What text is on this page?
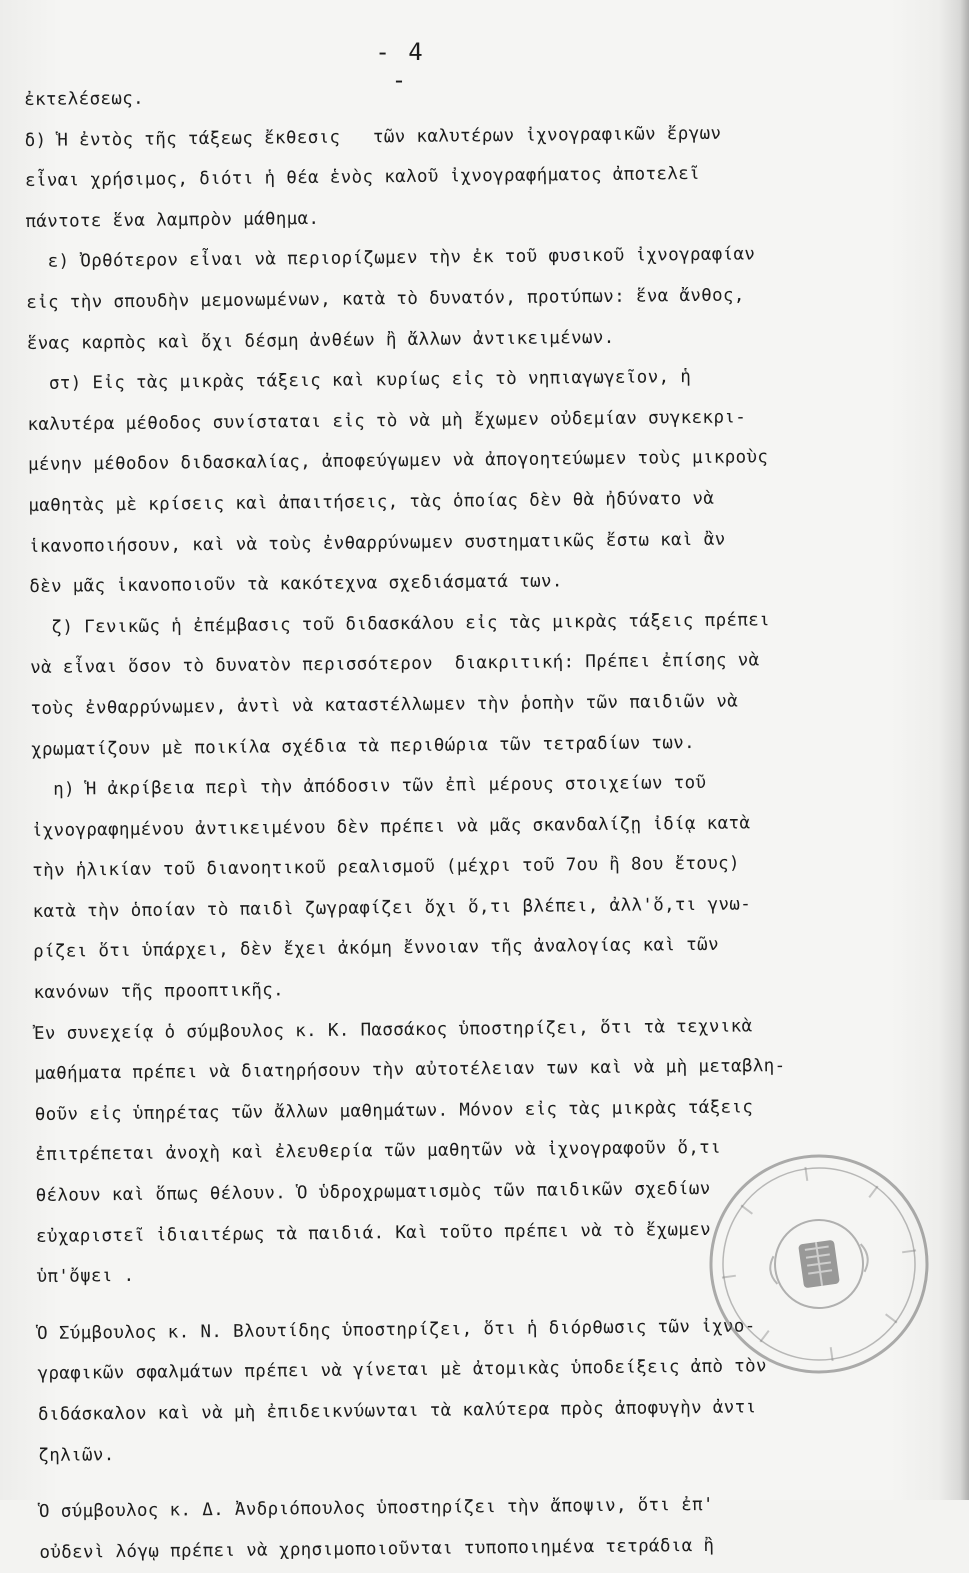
- 4 -
ἐκτελέσεως.
δ) Ἡ ἐντὸς τῆς τάξεως ἔκθεσις   τῶν καλυτέρων ἰχνογραφικῶν ἔργων
εἶναι χρήσιμος, διότι ἡ θέα ἑνὸς καλοῦ ἰχνογραφήματος ἀποτελεῖ
πάντοτε ἕνα λαμπρὸν μάθημα.
ε) Ὀρθότερον εἶναι νὰ περιορίζωμεν τὴν ἐκ τοῦ φυσικοῦ ἰχνογραφίαν
εἰς τὴν σπουδὴν μεμονωμένων, κατὰ τὸ δυνατόν, προτύπων: ἕνα ἄνθος,
ἕνας καρπὸς καὶ ὄχι δέσμη ἀνθέων ἢ ἄλλων ἀντικειμένων.
στ) Εἰς τὰς μικρὰς τάξεις καὶ κυρίως εἰς τὸ νηπιαγωγεῖον, ἡ
καλυτέρα μέθοδος συνίσταται εἰς τὸ νὰ μὴ ἔχωμεν οὐδεμίαν συγκεκρι-
μένην μέθοδον διδασκαλίας, ἀποφεύγωμεν νὰ ἀπογοητεύωμεν τοὺς μικροὺς
μαθητὰς μὲ κρίσεις καὶ ἀπαιτήσεις, τὰς ὁποίας δὲν θὰ ἠδύνατο νὰ
ἱκανοποιήσουν, καὶ νὰ τοὺς ἐνθαρρύνωμεν συστηματικῶς ἔστω καὶ ἂν
δὲν μᾶς ἱκανοποιοῦν τὰ κακότεχνα σχεδιάσματά των.
ζ) Γενικῶς ἡ ἐπέμβασις τοῦ διδασκάλου εἰς τὰς μικρὰς τάξεις πρέπει
νὰ εἶναι ὅσον τὸ δυνατὸν περισσότερον  διακριτική: Πρέπει ἐπίσης νὰ
τοὺς ἐνθαρρύνωμεν, ἀντὶ νὰ καταστέλλωμεν τὴν ῥοπὴν τῶν παιδιῶν νὰ
χρωματίζουν μὲ ποικίλα σχέδια τὰ περιθώρια τῶν τετραδίων των.
η) Ἡ ἀκρίβεια περὶ τὴν ἀπόδοσιν τῶν ἐπὶ μέρους στοιχείων τοῦ
ἰχνογραφημένου ἀντικειμένου δὲν πρέπει νὰ μᾶς σκανδαλίζῃ ἰδίᾳ κατὰ
τὴν ἡλικίαν τοῦ διανοητικοῦ ρεαλισμοῦ (μέχρι τοῦ 7ου ἢ 8ου ἔτους)
κατὰ τὴν ὁποίαν τὸ παιδὶ ζωγραφίζει ὄχι ὅ,τι βλέπει, ἀλλ'ὅ,τι γνω-
ρίζει ὅτι ὑπάρχει, δὲν ἔχει ἀκόμη ἔννοιαν τῆς ἀναλογίας καὶ τῶν
κανόνων τῆς προοπτικῆς.
Ἐν συνεχείᾳ ὁ σύμβουλος κ. Κ. Πασσάκος ὑποστηρίζει, ὅτι τὰ τεχνικὰ
μαθήματα πρέπει νὰ διατηρήσουν τὴν αὐτοτέλειαν των καὶ νὰ μὴ μεταβλη-
θοῦν εἰς ὑπηρέτας τῶν ἄλλων μαθημάτων. Μόνον εἰς τὰς μικρὰς τάξεις
ἐπιτρέπεται ἀνοχὴ καὶ ἐλευθερία τῶν μαθητῶν νὰ ἰχνογραφοῦν ὅ,τι
θέλουν καὶ ὅπως θέλουν. Ὁ ὑδροχρωματισμὸς τῶν παιδικῶν σχεδίων
εὐχαριστεῖ ἰδιαιτέρως τὰ παιδιά. Καὶ τοῦτο πρέπει νὰ τὸ ἔχωμεν
ὑπ'ὄψει .
Ὁ Σύμβουλος κ. Ν. Βλουτίδης ὑποστηρίζει, ὅτι ἡ διόρθωσις τῶν ἰχνο-
γραφικῶν σφαλμάτων πρέπει νὰ γίνεται μὲ ἀτομικὰς ὑποδείξεις ἀπὸ τὸν
διδάσκαλον καὶ νὰ μὴ ἐπιδεικνύωνται τὰ καλύτερα πρὸς ἀποφυγὴν ἀντι
ζηλιῶν.
Ὁ σύμβουλος κ. Δ. Ἀνδριόπουλος ὑποστηρίζει τὴν ἄποψιν, ὅτι ἐπ'
οὐδενὶ λόγῳ πρέπει νὰ χρησιμοποιοῦνται τυποποιημένα τετράδια ἢ
